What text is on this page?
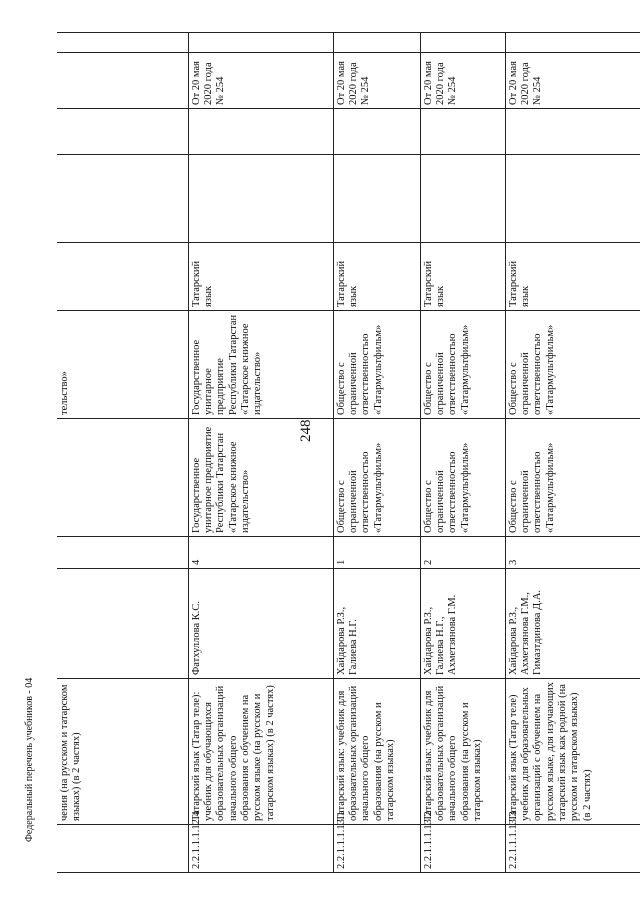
248
	чения (на русском и татарском языках) (в 2 частях)				тельство»					
2.2.1.1.1.12.4	Татарский язык (Татар теле): учебник для обучающихся образовательных организаций начального общего образования с обучением на русском языке (на русском и татарском языках) (в 2 частях)	Фатхуллова К.С.	4	Государственное унитарное предприятие Республики Татарстан «Татарское книжное издательство»	Государственное унитарное предприятие Республики Татарстан «Татарское книжное издательство»	Татарский язык			От 20 мая 2020 года № 254	
2.2.1.1.1.13.1	Татарский язык: учебник для образовательных организаций начального общего образования (на русском и татарском языках)	Хайдарова Р.З., Галиева Н.Г.	1	Общество с ограниченной ответственностью «Татармультфильм»	Общество с ограниченной ответственностью «Татармультфильм»	Татарский язык			От 20 мая 2020 года № 254	
2.2.1.1.1.13.2	Татарский язык: учебник для образовательных организаций начального общего образования (на русском и татарском языках)	Хайдарова Р.З., Галиева Н.Г., Ахметзянова Г.М.	2	Общество с ограниченной ответственностью «Татармультфильм»	Общество с ограниченной ответственностью «Татармультфильм»	Татарский язык			От 20 мая 2020 года № 254	
2.2.1.1.1.13.3	Татарский язык (Татар теле) учебник для образовательных организаций с обучением на русском языке, для изучающих татарский язык как родной (на русском и татарском языках) (в 2 частях)	Хайдарова Р.З., Ахметзянова Г.М., Гимазтдинова Д.А.	3	Общество с ограниченной ответственностью «Татармультфильм»	Общество с ограниченной ответственностью «Татармультфильм»	Татарский язык			От 20 мая 2020 года № 254	
Федеральный перечень учебников - 04
